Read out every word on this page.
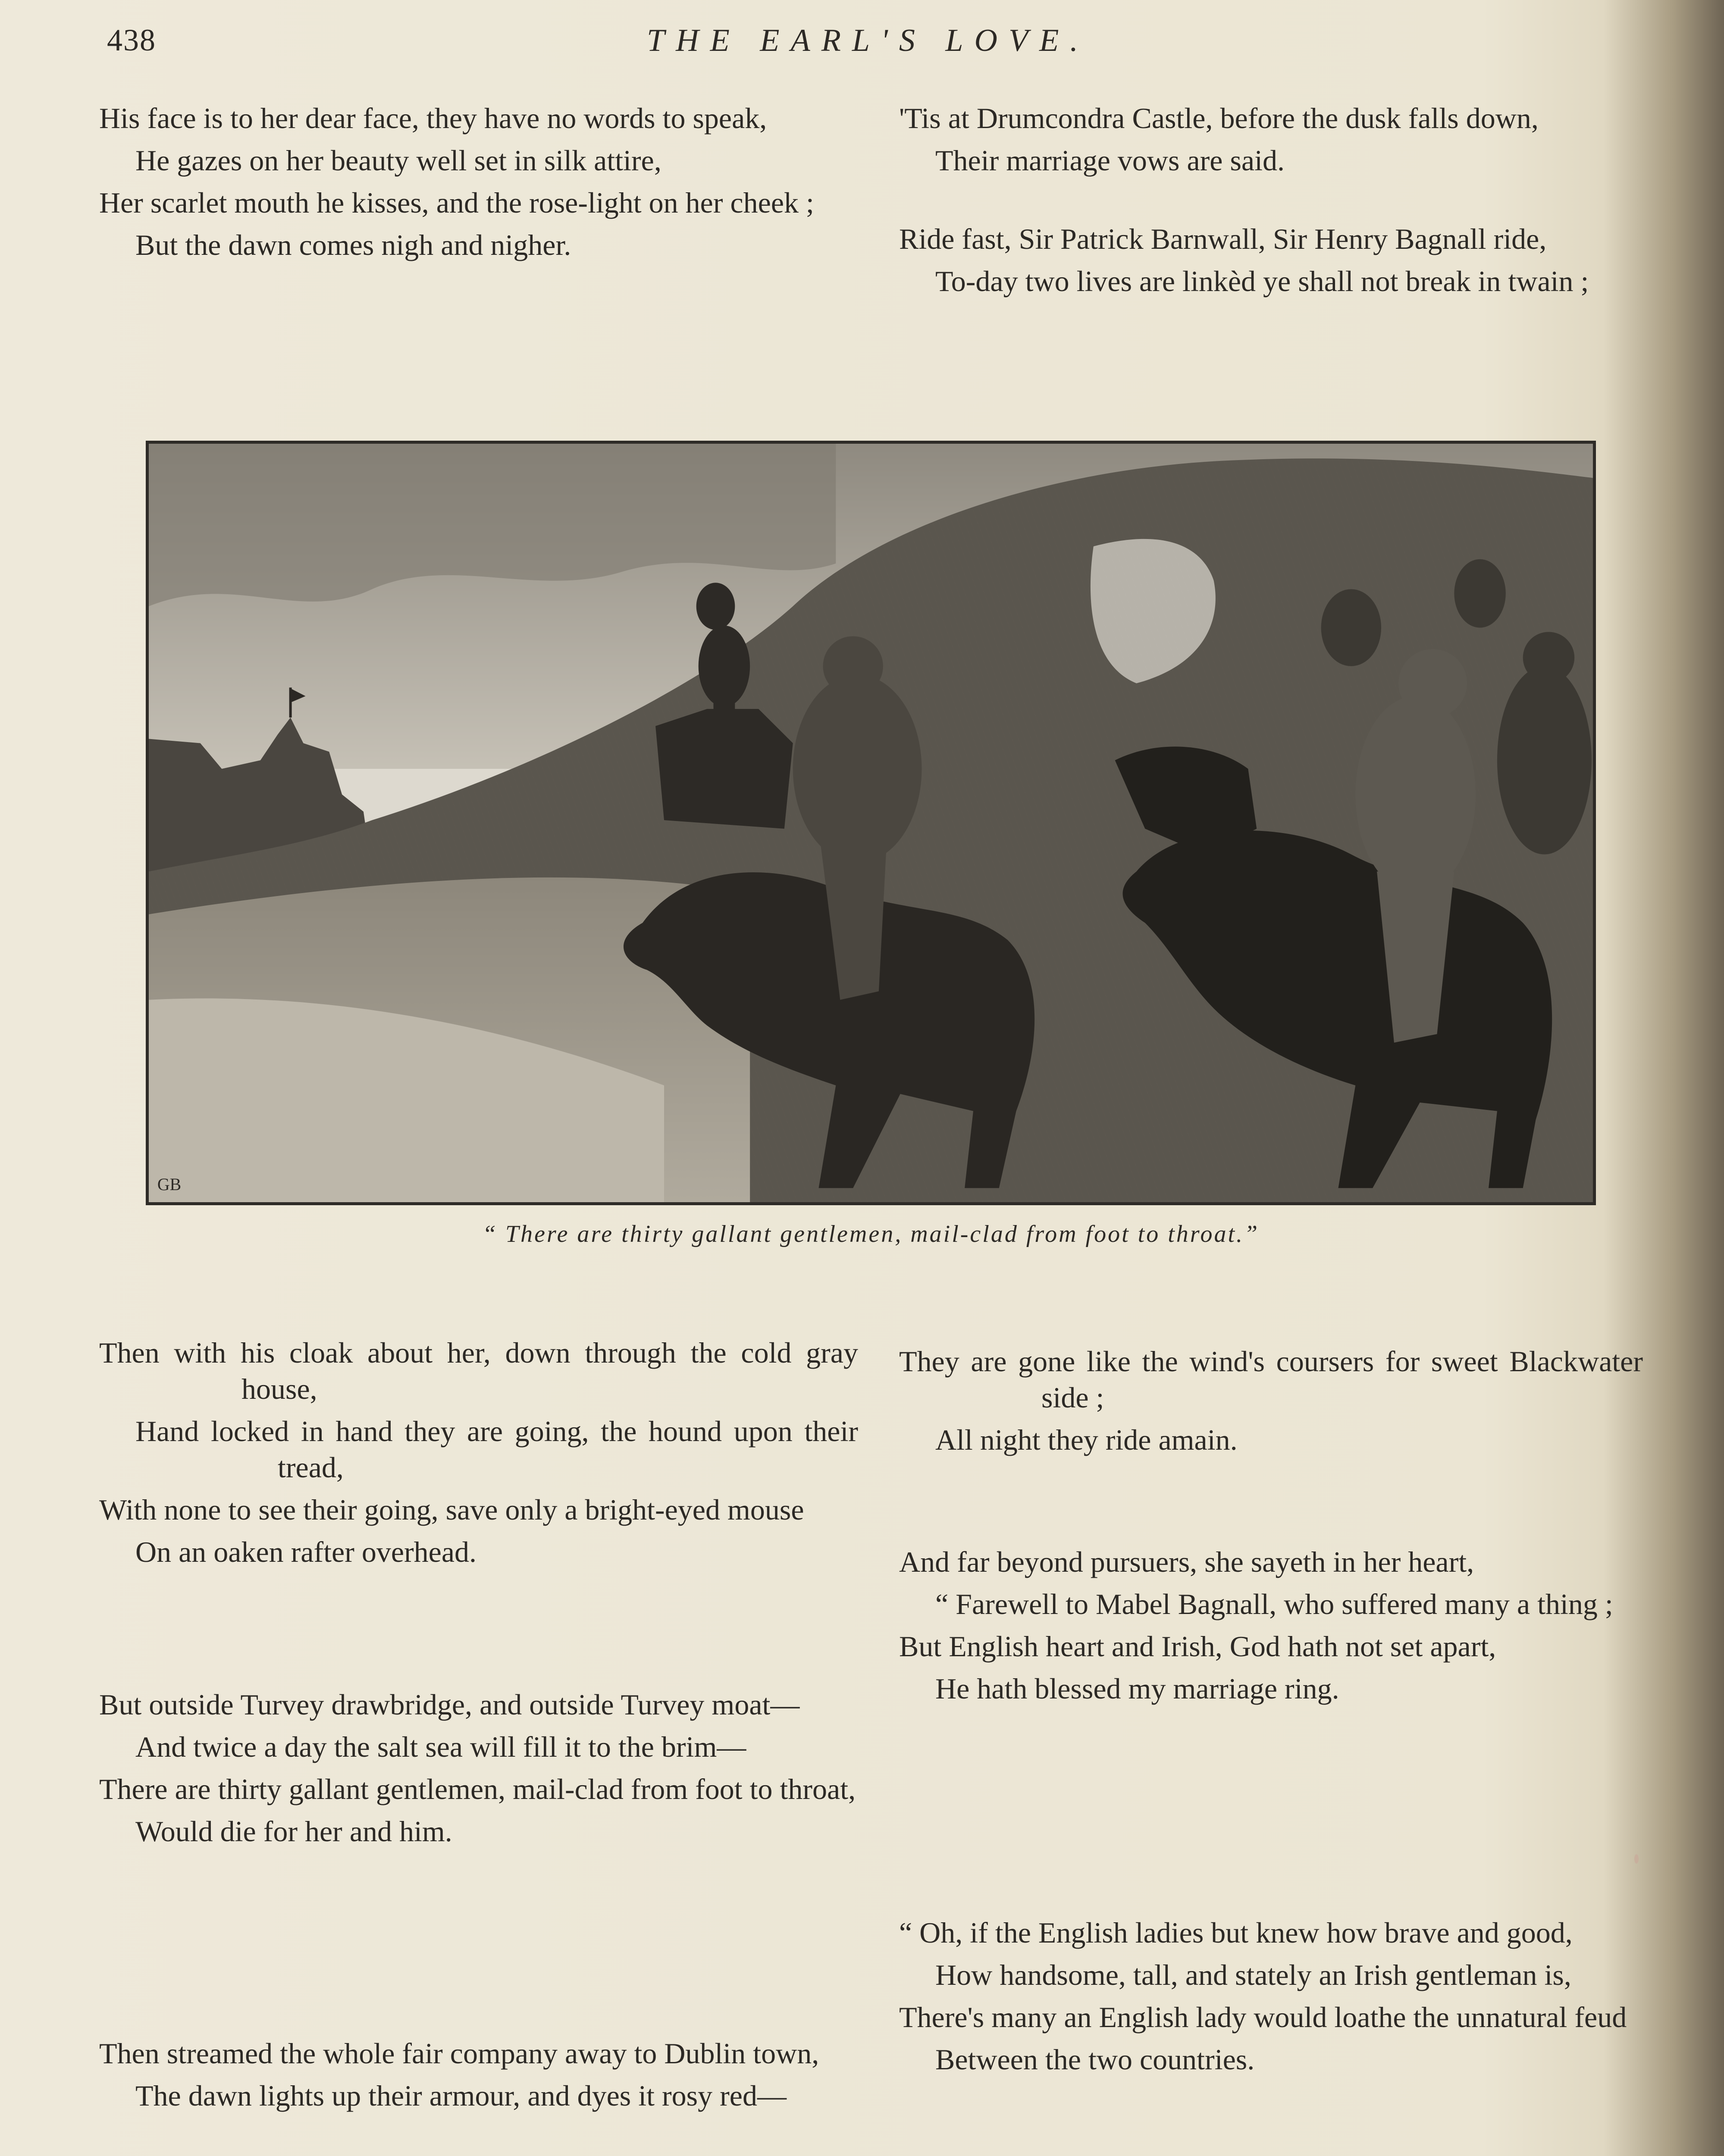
438	THE EARL'S LOVE.
His face is to her dear face, they have no words to speak,
He gazes on her beauty well set in silk attire,
Her scarlet mouth he kisses, and the rose-light on her cheek ;
But the dawn comes nigh and nigher.
'Tis at Drumcondra Castle, before the dusk falls down,
Their marriage vows are said.
Ride fast, Sir Patrick Barnwall, Sir Henry Bagnall ride,
To-day two lives are linkèd ye shall not break in twain ;
GB
“ There are thirty gallant gentlemen, mail-clad from foot to throat.”
Then with his cloak about her, down through the cold gray house,
Hand locked in hand they are going, the hound upon their tread,
With none to see their going, save only a bright-eyed mouse
On an oaken rafter overhead.
But outside Turvey drawbridge, and outside Turvey moat—
And twice a day the salt sea will fill it to the brim—
There are thirty gallant gentlemen, mail-clad from foot to throat,
Would die for her and him.
Then streamed the whole fair company away to Dublin town,
The dawn lights up their armour, and dyes it rosy red—
They are gone like the wind's coursers for sweet Blackwater side ;
All night they ride amain.
And far beyond pursuers, she sayeth in her heart,
“ Farewell to Mabel Bagnall, who suffered many a thing ;
But English heart and Irish, God hath not set apart,
He hath blessed my marriage ring.
“ Oh, if the English ladies but knew how brave and good,
How handsome, tall, and stately an Irish gentleman is,
There's many an English lady would loathe the unnatural feud
Between the two countries.
